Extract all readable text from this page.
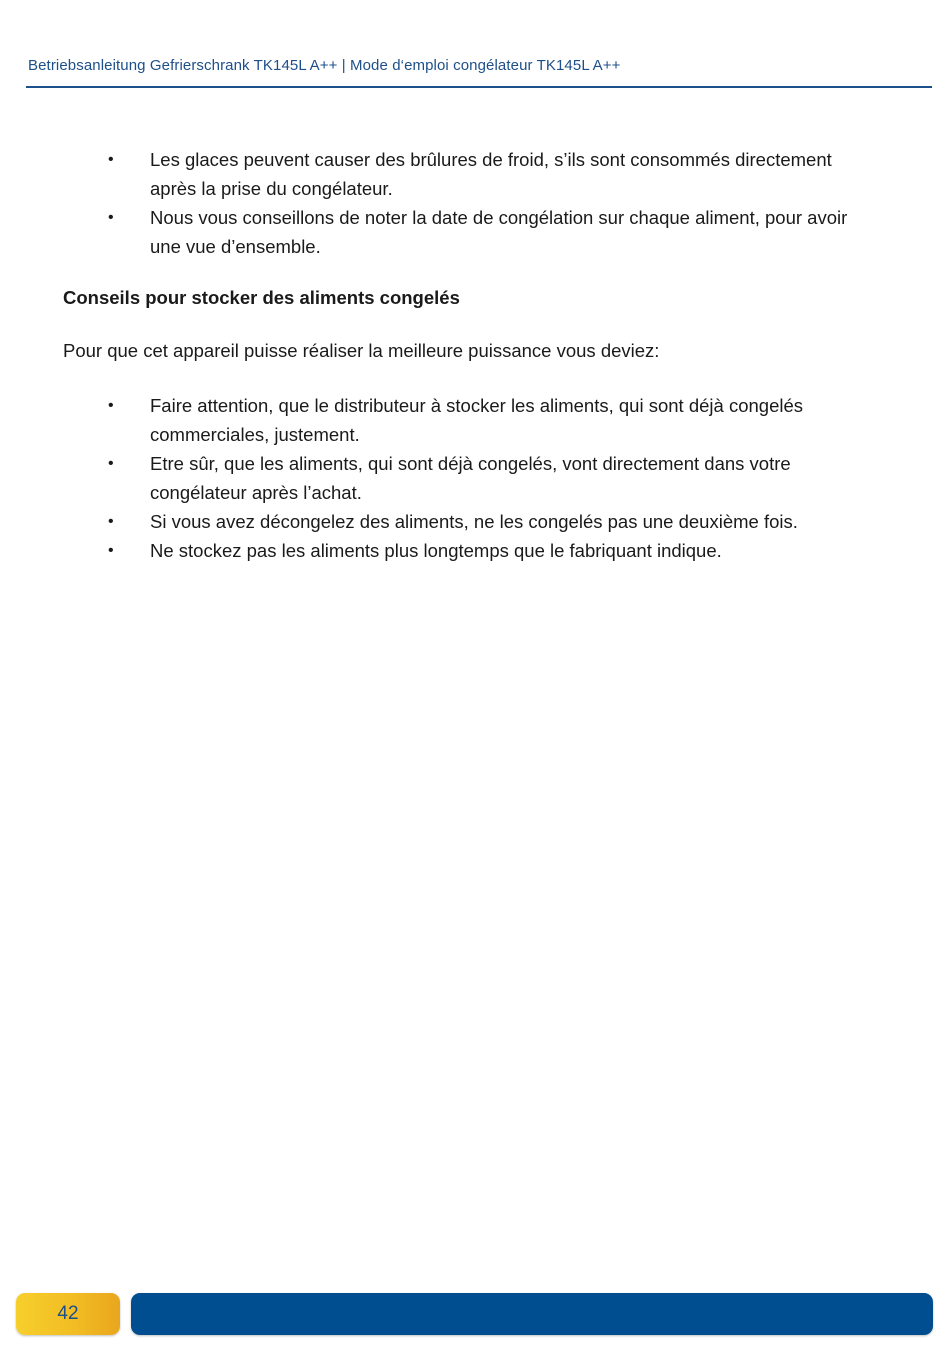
Betriebsanleitung Gefrierschrank TK145L A++ | Mode d‘emploi congélateur TK145L A++
• Les glaces peuvent causer des brûlures de froid, s’ils sont consommés directement après la prise du congélateur.
• Nous vous conseillons de noter la date de congélation sur chaque aliment, pour avoir une vue d’ensemble.
Conseils pour stocker des aliments congelés
Pour que cet appareil puisse réaliser la meilleure puissance vous deviez:
• Faire attention, que le distributeur à stocker les aliments, qui sont déjà congelés commerciales, justement.
• Etre sûr, que les aliments, qui sont déjà congelés, vont directement dans votre congélateur après l’achat.
• Si vous avez décongelez des aliments, ne les congelés pas une deuxième fois.
• Ne stockez pas les aliments plus longtemps que le fabriquant indique.
42
